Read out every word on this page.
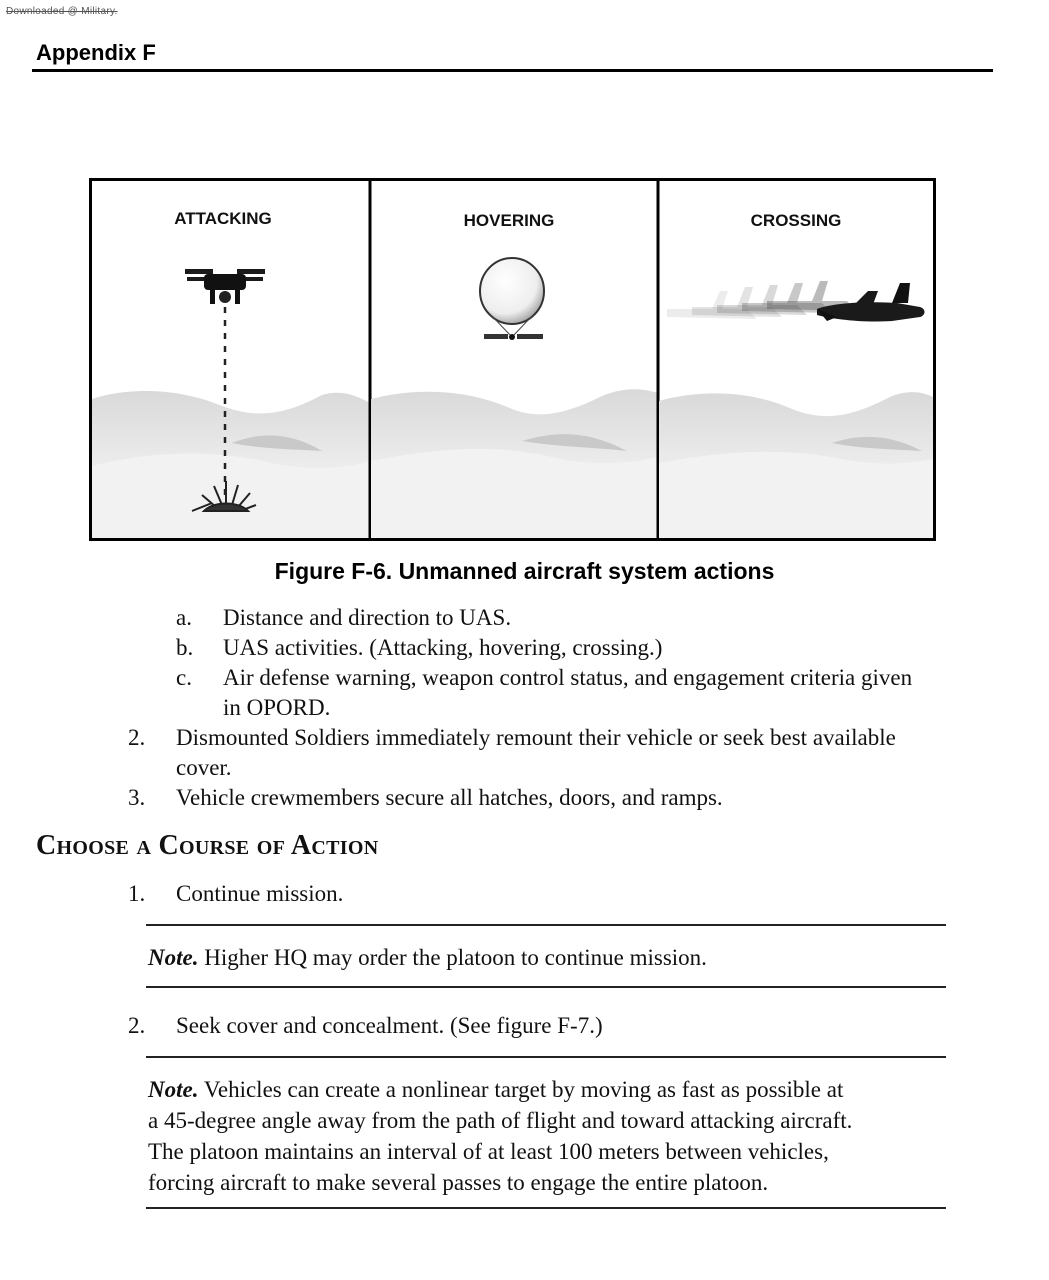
Downloaded @ Military.
Appendix F
ATTACKING	HOVERING	CROSSING
Figure F-6. Unmanned aircraft system actions
a. Distance and direction to UAS.
b. UAS activities. (Attacking, hovering, crossing.)
c. Air defense warning, weapon control status, and engagement criteria given
in OPORD.
2. Dismounted Soldiers immediately remount their vehicle or seek best available
cover.
3. Vehicle crewmembers secure all hatches, doors, and ramps.
Choose a Course of Action
1. Continue mission.
Note. Higher HQ may order the platoon to continue mission.
2. Seek cover and concealment. (See figure F-7.)
Note. Vehicles can create a nonlinear target by moving as fast as possible at
a 45-degree angle away from the path of flight and toward attacking aircraft.
The platoon maintains an interval of at least 100 meters between vehicles,
forcing aircraft to make several passes to engage the entire platoon.
